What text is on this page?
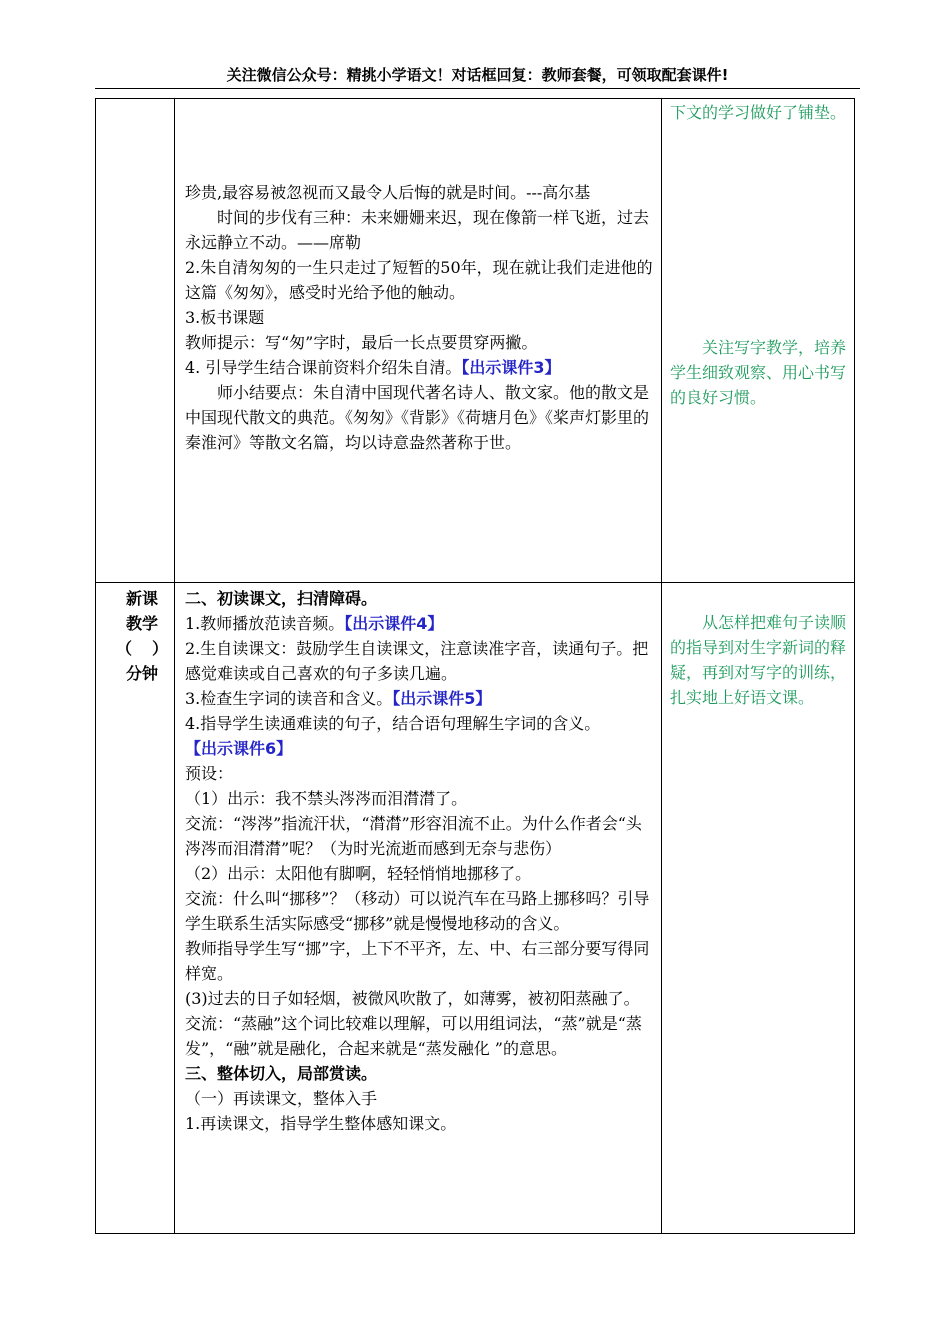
关注微信公众号：精挑小学语文！对话框回复：教师套餐，可领取配套课件!

下文的学习做好了铺垫。

珍贵,最容易被忽视而又最令人后悔的就是时间。---高尔基

时间的步伐有三种：未来姗姗来迟，现在像箭一样飞逝，过去永远静立不动。——席勒

2.朱自清匆匆的一生只走过了短暂的50年，现在就让我们走进他的这篇《匆匆》，感受时光给予他的触动。

3.板书课题

教师提示：写“匆”字时，最后一长点要贯穿两撇。

4. 引导学生结合课前资料介绍朱自清。【出示课件3】

师小结要点：朱自清中国现代著名诗人、散文家。他的散文是中国现代散文的典范。《匆匆》《背影》《荷塘月色》《桨声灯影里的秦淮河》等散文名篇，均以诗意盎然著称于世。

关注写字教学，培养学生细致观察、用心书写的良好习惯。
新课
教学
（ ）
分钟

二、初读课文，扫清障碍。

1.教师播放范读音频。【出示课件4】

2.生自读课文：鼓励学生自读课文，注意读准字音，读通句子。把感觉难读或自己喜欢的句子多读几遍。

3.检查生字词的读音和含义。【出示课件5】

4.指导学生读通难读的句子，结合语句理解生字词的含义。

【出示课件6】

预设：

（1）出示：我不禁头涔涔而泪潸潸了。

交流：“涔涔”指流汗状，“潸潸”形容泪流不止。为什么作者会“头涔涔而泪潸潸”呢？（为时光流逝而感到无奈与悲伤）

（2）出示：太阳他有脚啊，轻轻悄悄地挪移了。

交流：什么叫“挪移”？（移动）可以说汽车在马路上挪移吗？引导学生联系生活实际感受“挪移”就是慢慢地移动的含义。

教师指导学生写“挪”字，上下不平齐，左、中、右三部分要写得同样宽。

(3)过去的日子如轻烟，被微风吹散了，如薄雾，被初阳蒸融了。

交流：“蒸融”这个词比较难以理解，可以用组词法，“蒸”就是“蒸发”，“融”就是融化，合起来就是“蒸发融化 ”的意思。

三、整体切入，局部赏读。

（一）再读课文，整体入手

1.再读课文，指导学生整体感知课文。

从怎样把难句子读顺的指导到对生字新词的释疑，再到对写字的训练，扎实地上好语文课。
